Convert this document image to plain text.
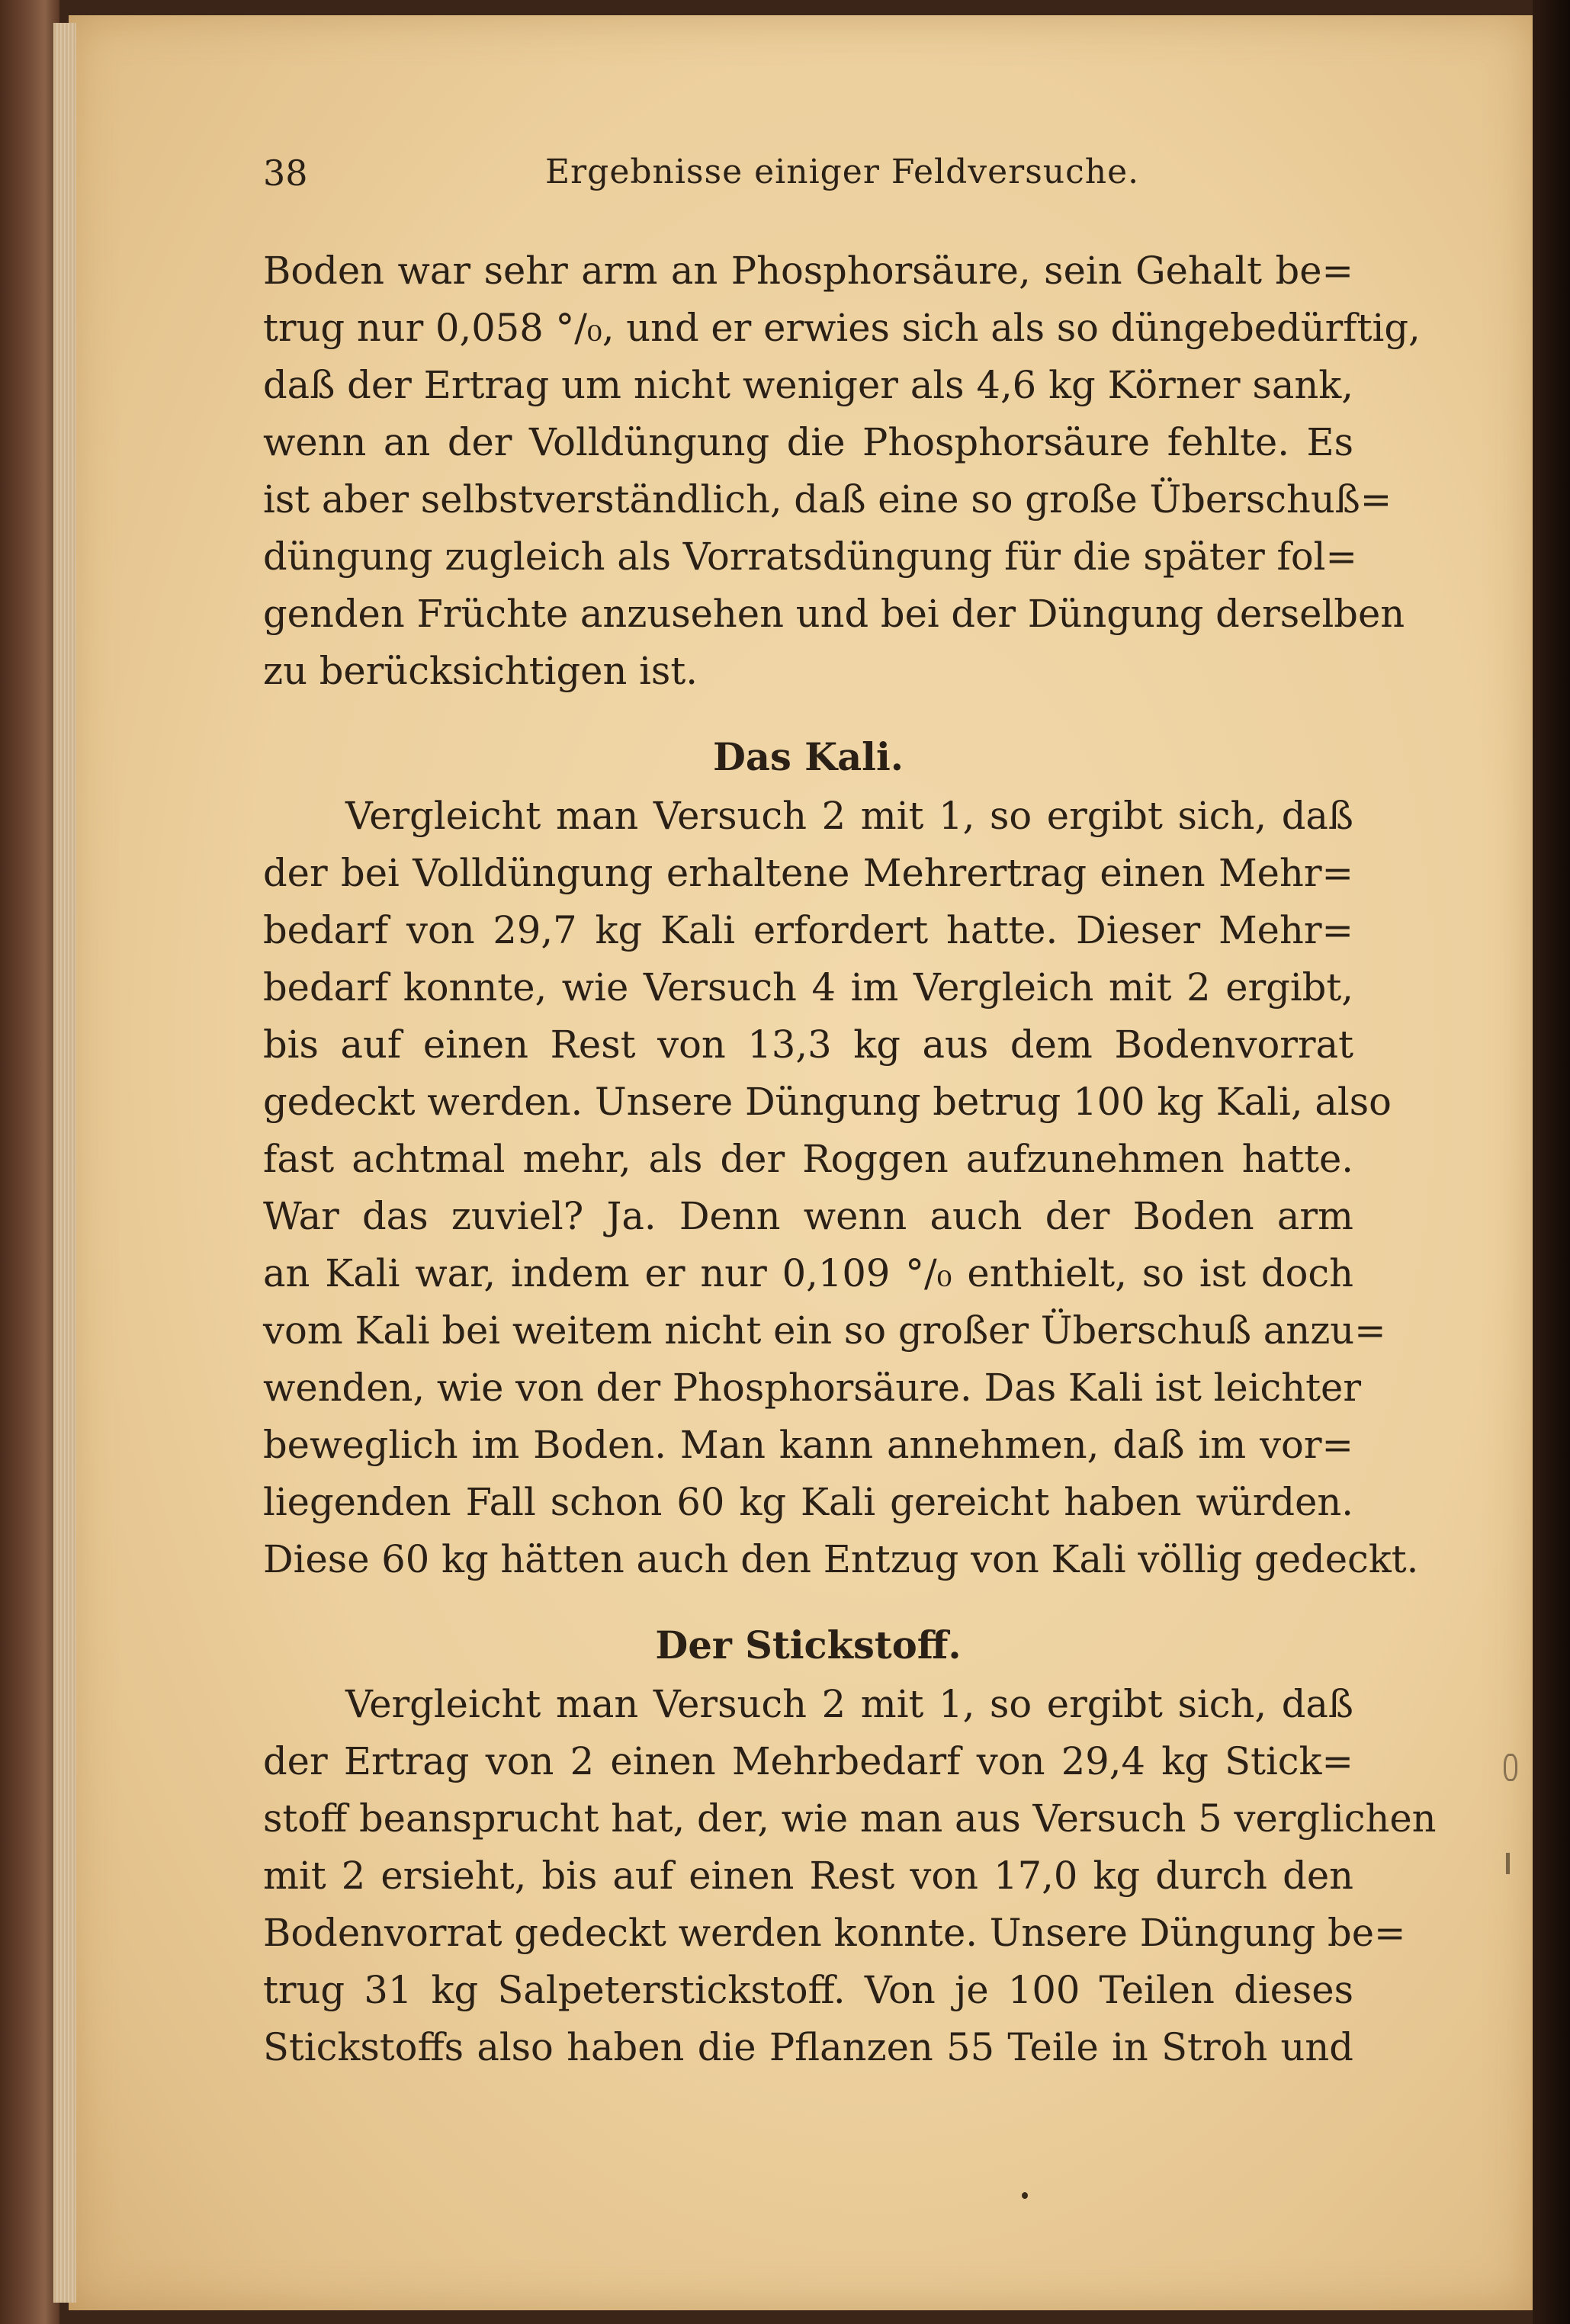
38	Ergebnisse einiger Feldversuche.
Boden war sehr arm an Phosphorsäure, sein Gehalt be=
trug nur 0,058 °/₀, und er erwies sich als so düngebedürftig,
daß der Ertrag um nicht weniger als 4,6 kg Körner sank,
wenn an der Volldüngung die Phosphorsäure fehlte. Es
ist aber selbstverständlich, daß eine so große Überschuß=
düngung zugleich als Vorratsdüngung für die später fol=
genden Früchte anzusehen und bei der Düngung derselben
zu berücksichtigen ist.
Das Kali.
Vergleicht man Versuch 2 mit 1, so ergibt sich, daß
der bei Volldüngung erhaltene Mehrertrag einen Mehr=
bedarf von 29,7 kg Kali erfordert hatte. Dieser Mehr=
bedarf konnte, wie Versuch 4 im Vergleich mit 2 ergibt,
bis auf einen Rest von 13,3 kg aus dem Bodenvorrat
gedeckt werden. Unsere Düngung betrug 100 kg Kali, also
fast achtmal mehr, als der Roggen aufzunehmen hatte.
War das zuviel? Ja. Denn wenn auch der Boden arm
an Kali war, indem er nur 0,109 °/₀ enthielt, so ist doch
vom Kali bei weitem nicht ein so großer Überschuß anzu=
wenden, wie von der Phosphorsäure. Das Kali ist leichter
beweglich im Boden. Man kann annehmen, daß im vor=
liegenden Fall schon 60 kg Kali gereicht haben würden.
Diese 60 kg hätten auch den Entzug von Kali völlig gedeckt.
Der Stickstoff.
Vergleicht man Versuch 2 mit 1, so ergibt sich, daß
der Ertrag von 2 einen Mehrbedarf von 29,4 kg Stick=
stoff beansprucht hat, der, wie man aus Versuch 5 verglichen
mit 2 ersieht, bis auf einen Rest von 17,0 kg durch den
Bodenvorrat gedeckt werden konnte. Unsere Düngung be=
trug 31 kg Salpeterstickstoff. Von je 100 Teilen dieses
Stickstoffs also haben die Pflanzen 55 Teile in Stroh und
